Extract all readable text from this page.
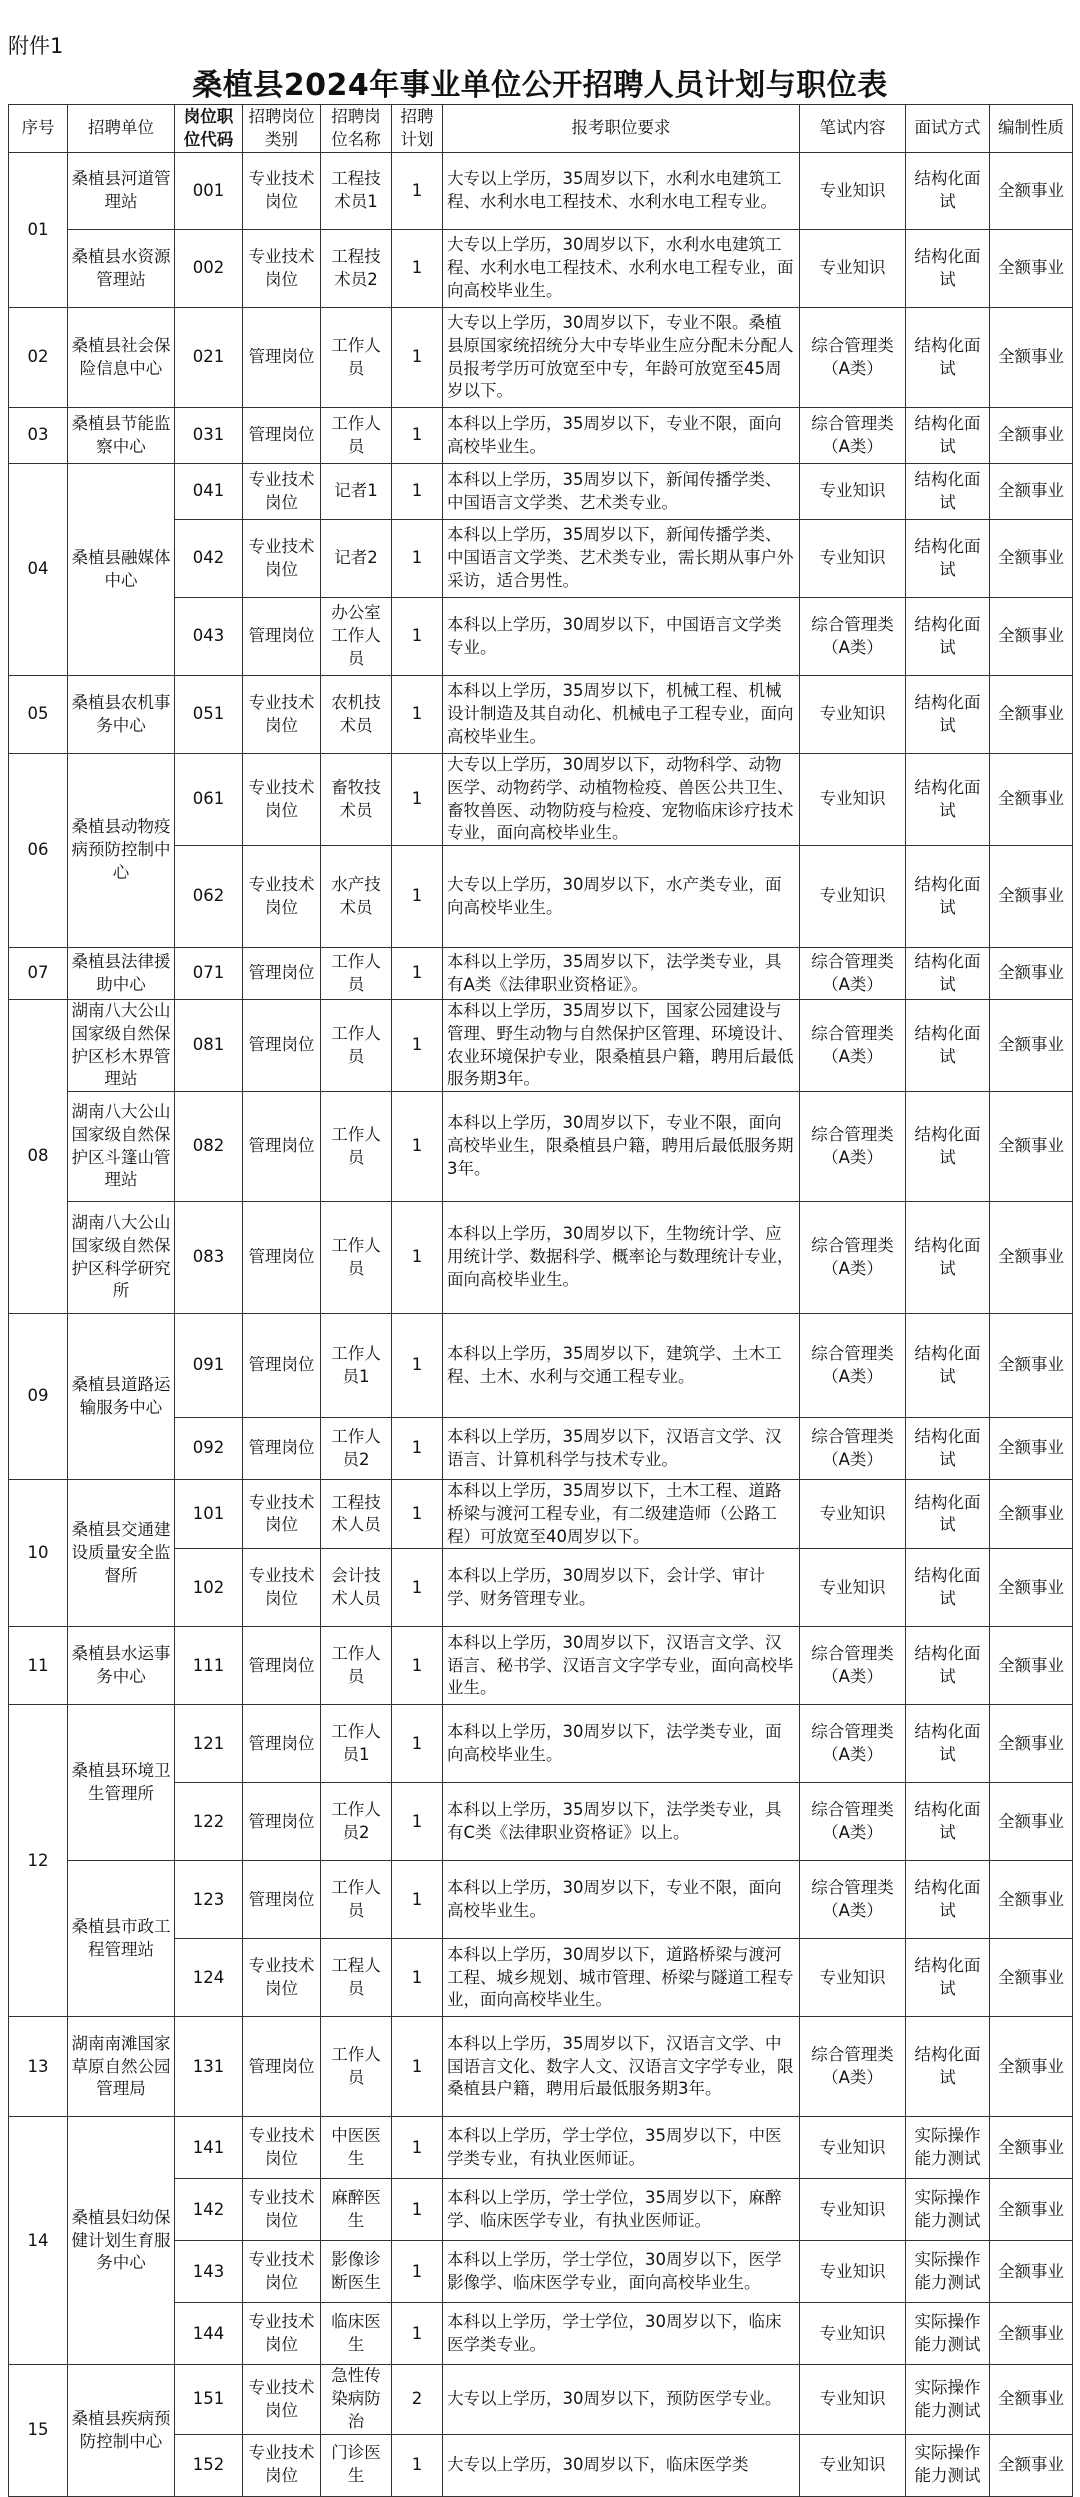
附件1
桑植县2024年事业单位公开招聘人员计划与职位表
序号	招聘单位	岗位职位代码	招聘岗位类别	招聘岗位名称	招聘计划	报考职位要求	笔试内容	面试方式	编制性质
01	桑植县河道管理站	001	专业技术岗位	工程技术员1	1	大专以上学历，35周岁以下，水利水电建筑工程、水利水电工程技术、水利水电工程专业。	专业知识	结构化面试	全额事业
	桑植县水资源管理站	002	专业技术岗位	工程技术员2	1	大专以上学历，30周岁以下，水利水电建筑工程、水利水电工程技术、水利水电工程专业，面向高校毕业生。	专业知识	结构化面试	全额事业
02	桑植县社会保险信息中心	021	管理岗位	工作人员	1	大专以上学历，30周岁以下，专业不限。桑植县原国家统招统分大中专毕业生应分配未分配人员报考学历可放宽至中专，年龄可放宽至45周岁以下。	综合管理类（A类）	结构化面试	全额事业
03	桑植县节能监察中心	031	管理岗位	工作人员	1	本科以上学历，35周岁以下，专业不限，面向高校毕业生。	综合管理类（A类）	结构化面试	全额事业
04	桑植县融媒体中心	041	专业技术岗位	记者1	1	本科以上学历，35周岁以下，新闻传播学类、中国语言文学类、艺术类专业。	专业知识	结构化面试	全额事业
		042	专业技术岗位	记者2	1	本科以上学历，35周岁以下，新闻传播学类、中国语言文学类、艺术类专业，需长期从事户外采访，适合男性。	专业知识	结构化面试	全额事业
		043	管理岗位	办公室工作人员	1	本科以上学历，30周岁以下，中国语言文学类专业。	综合管理类（A类）	结构化面试	全额事业
05	桑植县农机事务中心	051	专业技术岗位	农机技术员	1	本科以上学历，35周岁以下，机械工程、机械设计制造及其自动化、机械电子工程专业，面向高校毕业生。	专业知识	结构化面试	全额事业
06	桑植县动物疫病预防控制中心	061	专业技术岗位	畜牧技术员	1	大专以上学历，30周岁以下，动物科学、动物医学、动物药学、动植物检疫、兽医公共卫生、畜牧兽医、动物防疫与检疫、宠物临床诊疗技术专业，面向高校毕业生。	专业知识	结构化面试	全额事业
		062	专业技术岗位	水产技术员	1	大专以上学历，30周岁以下，水产类专业，面向高校毕业生。	专业知识	结构化面试	全额事业
07	桑植县法律援助中心	071	管理岗位	工作人员	1	本科以上学历，35周岁以下，法学类专业，具有A类《法律职业资格证》。	综合管理类（A类）	结构化面试	全额事业
08	湖南八大公山国家级自然保护区杉木界管理站	081	管理岗位	工作人员	1	本科以上学历，35周岁以下，国家公园建设与管理、野生动物与自然保护区管理、环境设计、农业环境保护专业，限桑植县户籍，聘用后最低服务期3年。	综合管理类（A类）	结构化面试	全额事业
	湖南八大公山国家级自然保护区斗篷山管理站	082	管理岗位	工作人员	1	本科以上学历，30周岁以下，专业不限，面向高校毕业生，限桑植县户籍，聘用后最低服务期3年。	综合管理类（A类）	结构化面试	全额事业
	湖南八大公山国家级自然保护区科学研究所	083	管理岗位	工作人员	1	本科以上学历，30周岁以下，生物统计学、应用统计学、数据科学、概率论与数理统计专业，面向高校毕业生。	综合管理类（A类）	结构化面试	全额事业
09	桑植县道路运输服务中心	091	管理岗位	工作人员1	1	本科以上学历，35周岁以下，建筑学、土木工程、土木、水利与交通工程专业。	综合管理类（A类）	结构化面试	全额事业
		092	管理岗位	工作人员2	1	本科以上学历，35周岁以下，汉语言文学、汉语言、计算机科学与技术专业。	综合管理类（A类）	结构化面试	全额事业
10	桑植县交通建设质量安全监督所	101	专业技术岗位	工程技术人员	1	本科以上学历，35周岁以下，土木工程、道路桥梁与渡河工程专业，有二级建造师（公路工程）可放宽至40周岁以下。	专业知识	结构化面试	全额事业
		102	专业技术岗位	会计技术人员	1	本科以上学历，30周岁以下，会计学、审计学、财务管理专业。	专业知识	结构化面试	全额事业
11	桑植县水运事务中心	111	管理岗位	工作人员	1	本科以上学历，30周岁以下，汉语言文学、汉语言、秘书学、汉语言文字学专业，面向高校毕业生。	综合管理类（A类）	结构化面试	全额事业
12	桑植县环境卫生管理所	121	管理岗位	工作人员1	1	本科以上学历，30周岁以下，法学类专业，面向高校毕业生。	综合管理类（A类）	结构化面试	全额事业
		122	管理岗位	工作人员2	1	本科以上学历，35周岁以下，法学类专业，具有C类《法律职业资格证》以上。	综合管理类（A类）	结构化面试	全额事业
	桑植县市政工程管理站	123	管理岗位	工作人员	1	本科以上学历，30周岁以下，专业不限，面向高校毕业生。	综合管理类（A类）	结构化面试	全额事业
		124	专业技术岗位	工程人员	1	本科以上学历，30周岁以下，道路桥梁与渡河工程、城乡规划、城市管理、桥梁与隧道工程专业，面向高校毕业生。	专业知识	结构化面试	全额事业
13	湖南南滩国家草原自然公园管理局	131	管理岗位	工作人员	1	本科以上学历，35周岁以下，汉语言文学、中国语言文化、数字人文、汉语言文字学专业，限桑植县户籍，聘用后最低服务期3年。	综合管理类（A类）	结构化面试	全额事业
14	桑植县妇幼保健计划生育服务中心	141	专业技术岗位	中医医生	1	本科以上学历，学士学位，35周岁以下，中医学类专业，有执业医师证。	专业知识	实际操作能力测试	全额事业
		142	专业技术岗位	麻醉医生	1	本科以上学历，学士学位，35周岁以下，麻醉学、临床医学专业，有执业医师证。	专业知识	实际操作能力测试	全额事业
		143	专业技术岗位	影像诊断医生	1	本科以上学历，学士学位，30周岁以下，医学影像学、临床医学专业，面向高校毕业生。	专业知识	实际操作能力测试	全额事业
		144	专业技术岗位	临床医生	1	本科以上学历，学士学位，30周岁以下，临床医学类专业。	专业知识	实际操作能力测试	全额事业
15	桑植县疾病预防控制中心	151	专业技术岗位	急性传染病防治	2	大专以上学历，30周岁以下，预防医学专业。	专业知识	实际操作能力测试	全额事业
		152	专业技术岗位	门诊医生	1	大专以上学历，30周岁以下，临床医学类	专业知识	实际操作能力测试	全额事业
